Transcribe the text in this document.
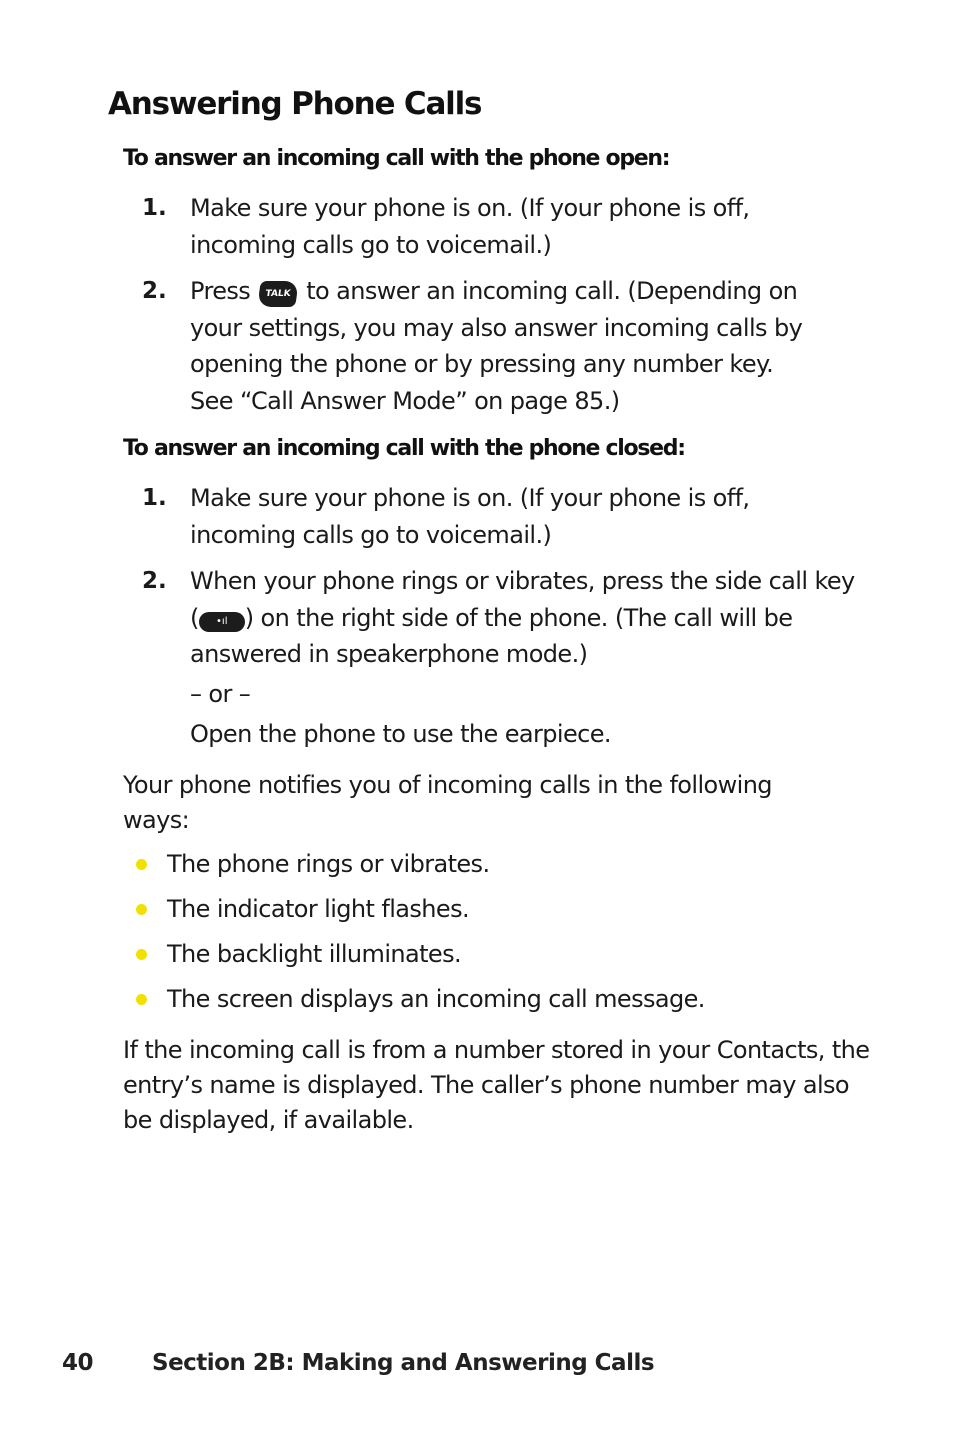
Answering Phone Calls
To answer an incoming call with the phone open:
1. Make sure your phone is on. (If your phone is off, incoming calls go to voicemail.)
2. Press TALK to answer an incoming call. (Depending on your settings, you may also answer incoming calls by opening the phone or by pressing any number key.
See “Call Answer Mode” on page 85.)
To answer an incoming call with the phone closed:
1. Make sure your phone is on. (If your phone is off, incoming calls go to voicemail.)
2. When your phone rings or vibrates, press the side call key
( •ıl ) on the right side of the phone. (The call will be answered in speakerphone mode.)
– or –
Open the phone to use the earpiece.

Your phone notifies you of incoming calls in the following ways:

The phone rings or vibrates.
The indicator light flashes.
The backlight illuminates.
The screen displays an incoming call message.

If the incoming call is from a number stored in your Contacts, the entry’s name is displayed. The caller’s phone number may also be displayed, if available.

40	Section 2B: Making and Answering Calls
